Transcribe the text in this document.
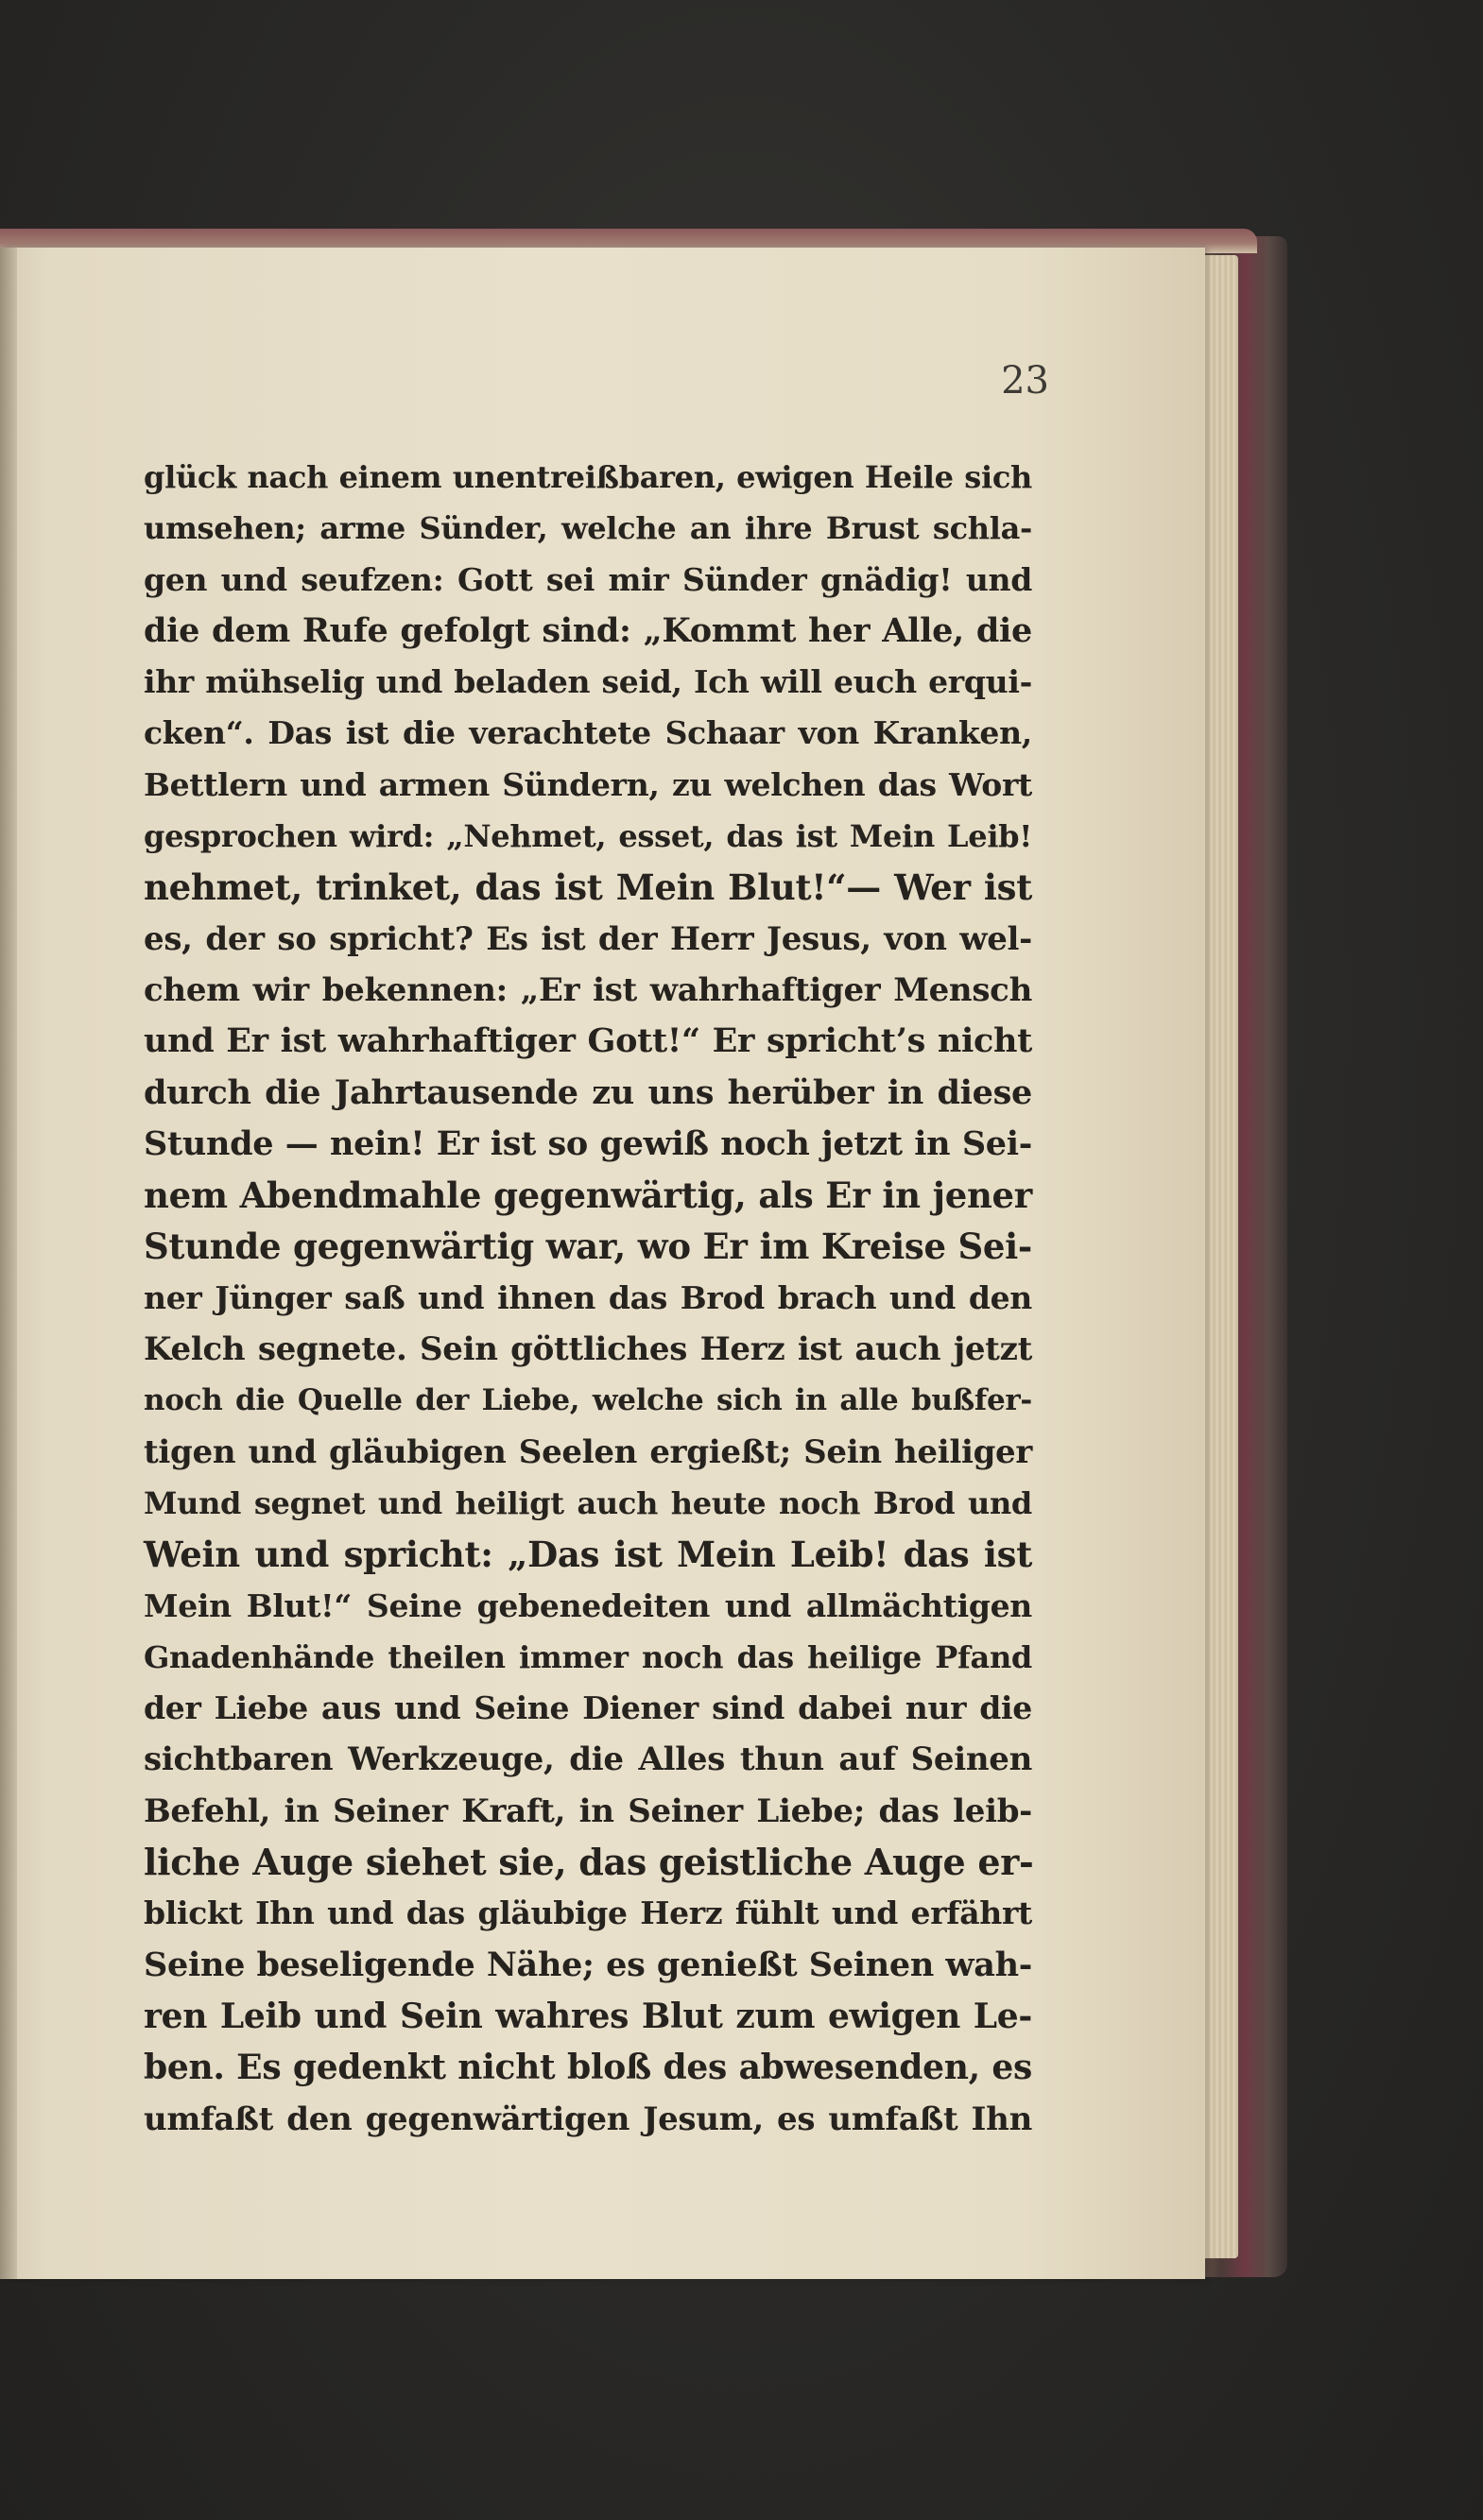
23
glück nach einem unentreißbaren, ewigen Heile sich
umsehen; arme Sünder, welche an ihre Brust schla-
gen und seufzen: Gott sei mir Sünder gnädig! und
die dem Rufe gefolgt sind: „Kommt her Alle, die
ihr mühselig und beladen seid, Ich will euch erqui-
cken“. Das ist die verachtete Schaar von Kranken,
Bettlern und armen Sündern, zu welchen das Wort
gesprochen wird: „Nehmet, esset, das ist Mein Leib!
nehmet, trinket, das ist Mein Blut!“— Wer ist
es, der so spricht? Es ist der Herr Jesus, von wel-
chem wir bekennen: „Er ist wahrhaftiger Mensch
und Er ist wahrhaftiger Gott!“ Er spricht’s nicht
durch die Jahrtausende zu uns herüber in diese
Stunde — nein! Er ist so gewiß noch jetzt in Sei-
nem Abendmahle gegenwärtig, als Er in jener
Stunde gegenwärtig war, wo Er im Kreise Sei-
ner Jünger saß und ihnen das Brod brach und den
Kelch segnete. Sein göttliches Herz ist auch jetzt
noch die Quelle der Liebe, welche sich in alle bußfer-
tigen und gläubigen Seelen ergießt; Sein heiliger
Mund segnet und heiligt auch heute noch Brod und
Wein und spricht: „Das ist Mein Leib! das ist
Mein Blut!“ Seine gebenedeiten und allmächtigen
Gnadenhände theilen immer noch das heilige Pfand
der Liebe aus und Seine Diener sind dabei nur die
sichtbaren Werkzeuge, die Alles thun auf Seinen
Befehl, in Seiner Kraft, in Seiner Liebe; das leib-
liche Auge siehet sie, das geistliche Auge er-
blickt Ihn und das gläubige Herz fühlt und erfährt
Seine beseligende Nähe; es genießt Seinen wah-
ren Leib und Sein wahres Blut zum ewigen Le-
ben. Es gedenkt nicht bloß des abwesenden, es
umfaßt den gegenwärtigen Jesum, es umfaßt Ihn
